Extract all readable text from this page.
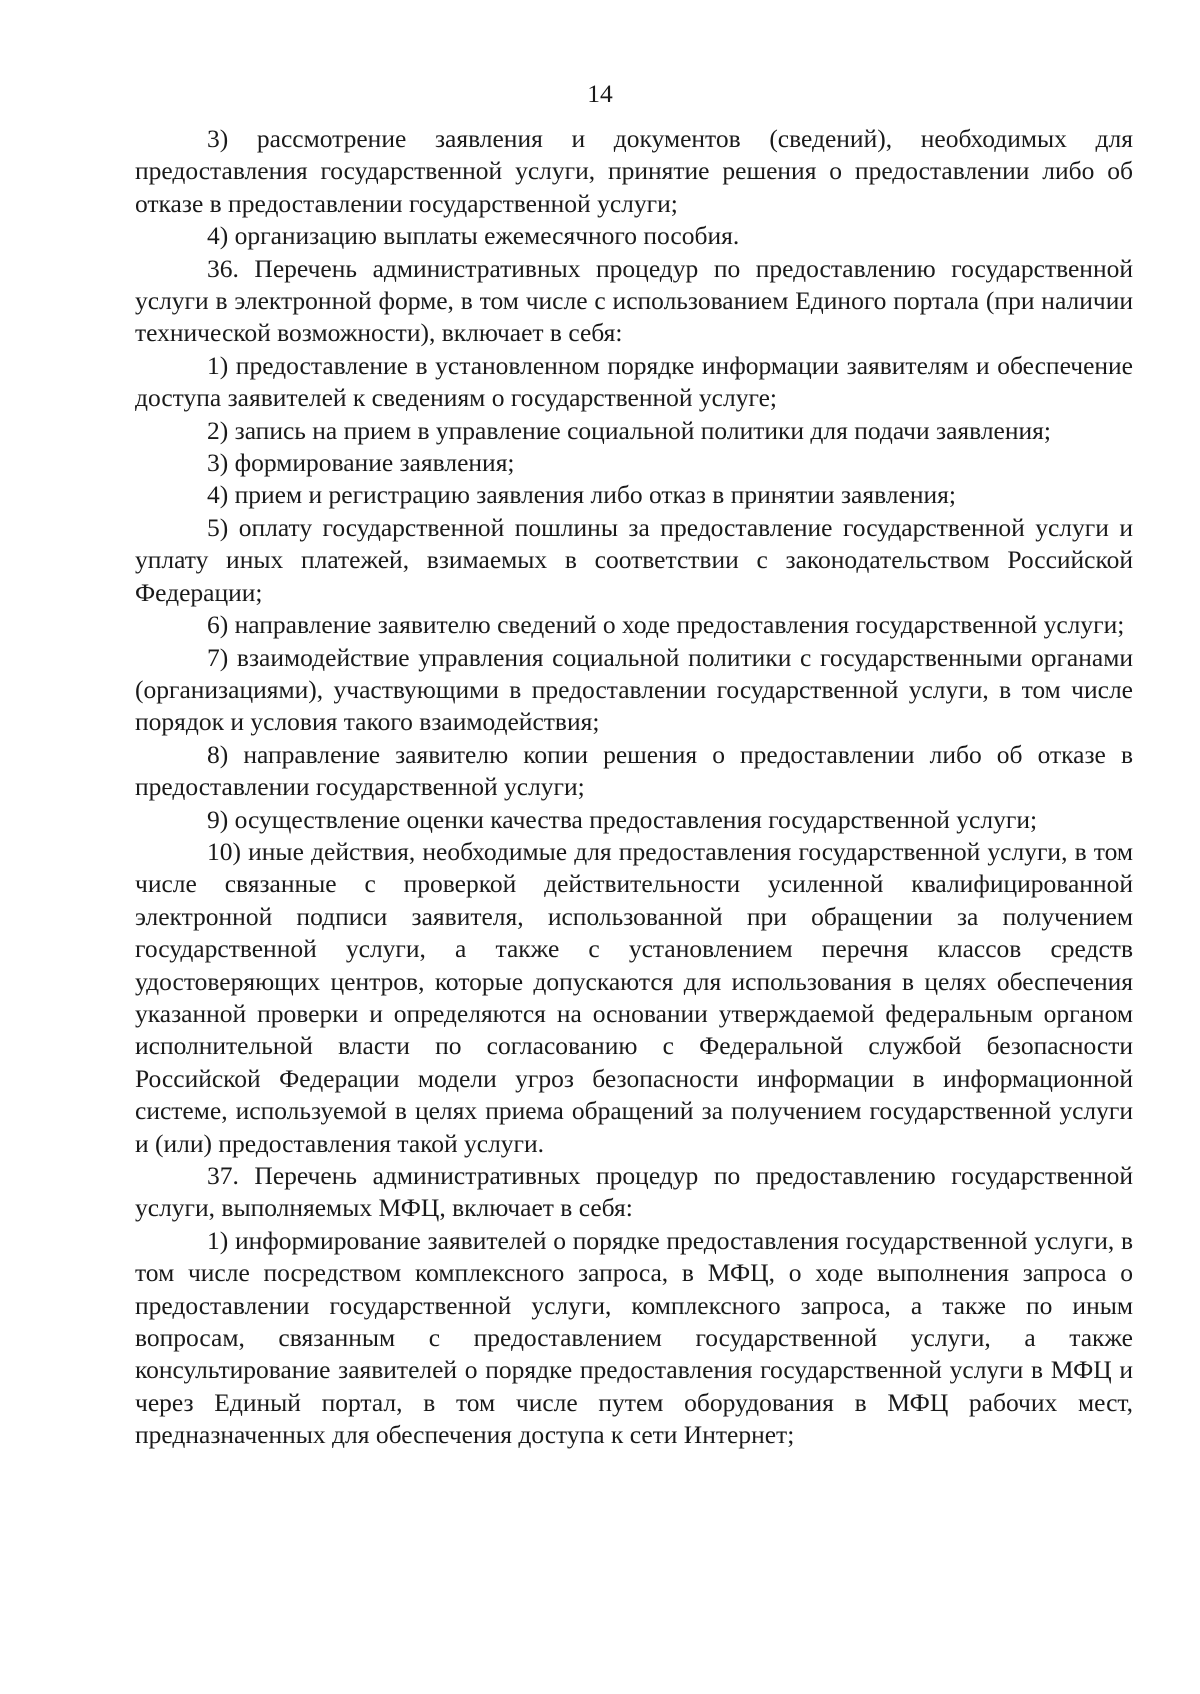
14

3) рассмотрение заявления и документов (сведений), необходимых для предоставления государственной услуги, принятие решения о предоставлении либо об отказе в предоставлении государственной услуги;

4) организацию выплаты ежемесячного пособия.

36. Перечень административных процедур по предоставлению государственной услуги в электронной форме, в том числе с использованием Единого портала (при наличии технической возможности), включает в себя:

1) предоставление в установленном порядке информации заявителям и обеспечение доступа заявителей к сведениям о государственной услуге;

2) запись на прием в управление социальной политики для подачи заявления;

3) формирование заявления;

4) прием и регистрацию заявления либо отказ в принятии заявления;

5) оплату государственной пошлины за предоставление государственной услуги и уплату иных платежей, взимаемых в соответствии с законодательством Российской Федерации;

6) направление заявителю сведений о ходе предоставления государственной услуги;

7) взаимодействие управления социальной политики с государственными органами (организациями), участвующими в предоставлении государственной услуги, в том числе порядок и условия такого взаимодействия;

8) направление заявителю копии решения о предоставлении либо об отказе в предоставлении государственной услуги;

9) осуществление оценки качества предоставления государственной услуги;

10) иные действия, необходимые для предоставления государственной услуги, в том числе связанные с проверкой действительности усиленной квалифицированной электронной подписи заявителя, использованной при обращении за получением государственной услуги, а также с установлением перечня классов средств удостоверяющих центров, которые допускаются для использования в целях обеспечения указанной проверки и определяются на основании утверждаемой федеральным органом исполнительной власти по согласованию с Федеральной службой безопасности Российской Федерации модели угроз безопасности информации в информационной системе, используемой в целях приема обращений за получением государственной услуги и (или) предоставления такой услуги.

37. Перечень административных процедур по предоставлению государственной услуги, выполняемых МФЦ, включает в себя:

1) информирование заявителей о порядке предоставления государственной услуги, в том числе посредством комплексного запроса, в МФЦ, о ходе выполнения запроса о предоставлении государственной услуги, комплексного запроса, а также по иным вопросам, связанным с предоставлением государственной услуги, а также консультирование заявителей о порядке предоставления государственной услуги в МФЦ и через Единый портал, в том числе путем оборудования в МФЦ рабочих мест, предназначенных для обеспечения доступа к сети Интернет;
